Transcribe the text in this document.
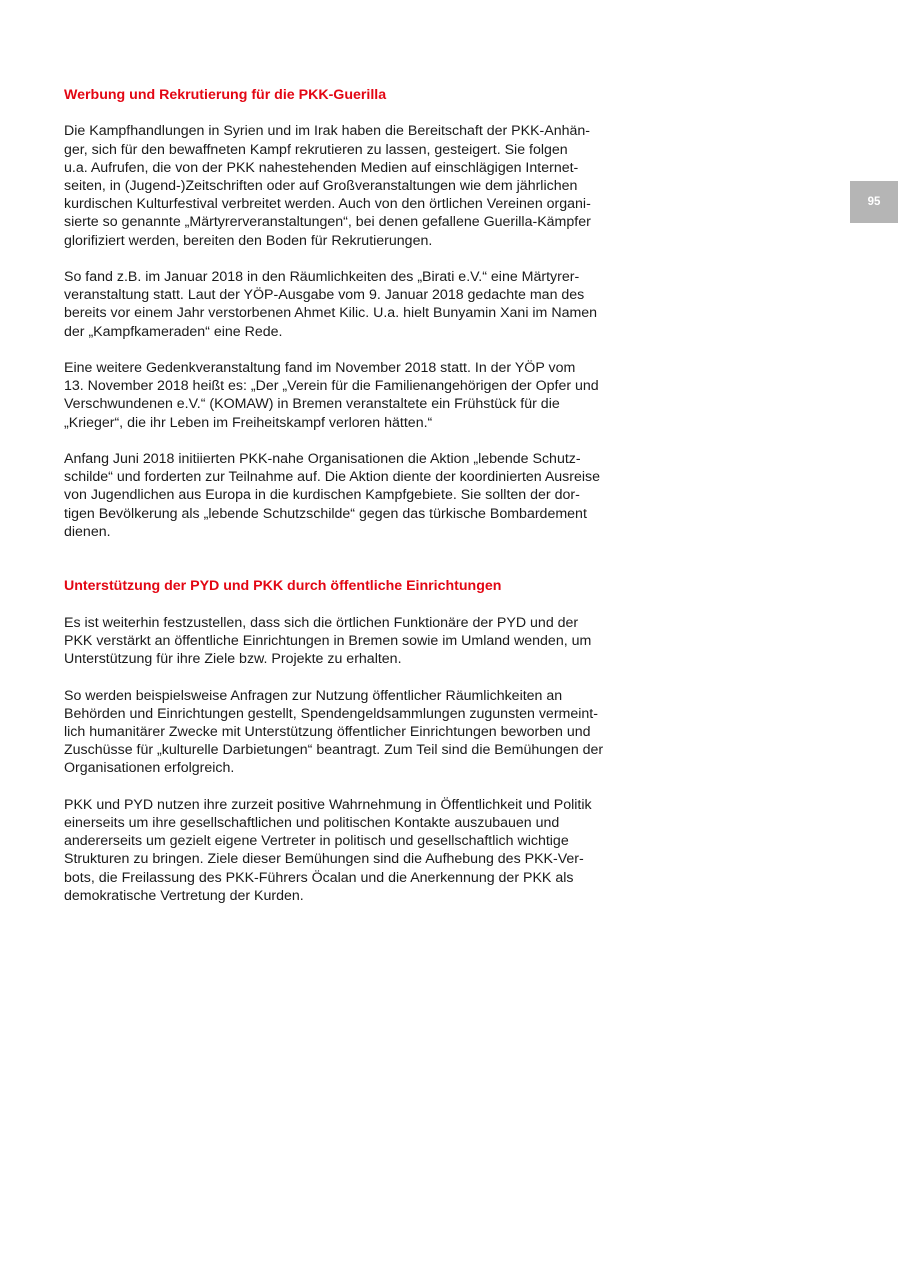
95
Werbung und Rekrutierung für die PKK-Guerilla

Die Kampfhandlungen in Syrien und im Irak haben die Bereitschaft der PKK-Anhän-
ger, sich für den bewaffneten Kampf rekrutieren zu lassen, gesteigert. Sie folgen
u.a. Aufrufen, die von der PKK nahestehenden Medien auf einschlägigen Internet-
seiten, in (Jugend-)Zeitschriften oder auf Großveranstaltungen wie dem jährlichen
kurdischen Kulturfestival verbreitet werden. Auch von den örtlichen Vereinen organi-
sierte so genannte „Märtyrerveranstaltungen“, bei denen gefallene Guerilla-Kämpfer
glorifiziert werden, bereiten den Boden für Rekrutierungen.

So fand z.B. im Januar 2018 in den Räumlichkeiten des „Birati e.V.“ eine Märtyrer-
veranstaltung statt. Laut der YÖP-Ausgabe vom 9. Januar 2018 gedachte man des
bereits vor einem Jahr verstorbenen Ahmet Kilic. U.a. hielt Bunyamin Xani im Namen
der „Kampfkameraden“ eine Rede.

Eine weitere Gedenkveranstaltung fand im November 2018 statt. In der YÖP vom
13. November 2018 heißt es: „Der „Verein für die Familienangehörigen der Opfer und
Verschwundenen e.V.“ (KOMAW) in Bremen veranstaltete ein Frühstück für die
„Krieger“, die ihr Leben im Freiheitskampf verloren hätten.“

Anfang Juni 2018 initiierten PKK-nahe Organisationen die Aktion „lebende Schutz-
schilde“ und forderten zur Teilnahme auf. Die Aktion diente der koordinierten Ausreise
von Jugendlichen aus Europa in die kurdischen Kampfgebiete. Sie sollten der dor-
tigen Bevölkerung als „lebende Schutzschilde“ gegen das türkische Bombardement
dienen.

Unterstützung der PYD und PKK durch öffentliche Einrichtungen

Es ist weiterhin festzustellen, dass sich die örtlichen Funktionäre der PYD und der
PKK verstärkt an öffentliche Einrichtungen in Bremen sowie im Umland wenden, um
Unterstützung für ihre Ziele bzw. Projekte zu erhalten.

So werden beispielsweise Anfragen zur Nutzung öffentlicher Räumlichkeiten an
Behörden und Einrichtungen gestellt, Spendengeldsammlungen zugunsten vermeint-
lich humanitärer Zwecke mit Unterstützung öffentlicher Einrichtungen beworben und
Zuschüsse für „kulturelle Darbietungen“ beantragt. Zum Teil sind die Bemühungen der
Organisationen erfolgreich.

PKK und PYD nutzen ihre zurzeit positive Wahrnehmung in Öffentlichkeit und Politik
einerseits um ihre gesellschaftlichen und politischen Kontakte auszubauen und
andererseits um gezielt eigene Vertreter in politisch und gesellschaftlich wichtige
Strukturen zu bringen. Ziele dieser Bemühungen sind die Aufhebung des PKK-Ver-
bots, die Freilassung des PKK-Führers Öcalan und die Anerkennung der PKK als
demokratische Vertretung der Kurden.
